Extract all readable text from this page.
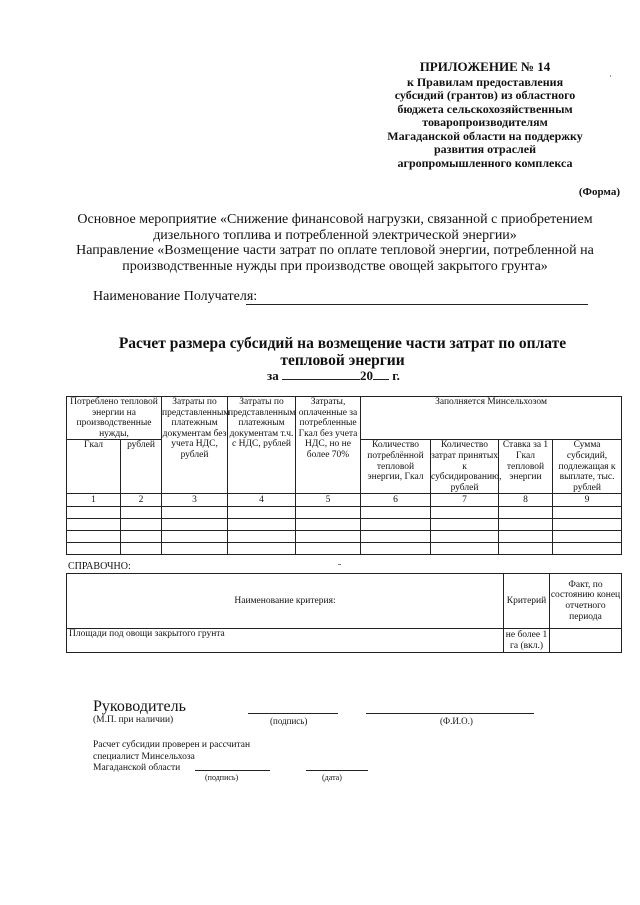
ПРИЛОЖЕНИЕ № 14
к Правилам предоставления
субсидий (грантов) из областного
бюджета сельскохозяйственным
товаропроизводителям
Магаданской области на поддержку
развития отраслей
агропромышленного комплекса
(Форма)
Основное мероприятие «Снижение финансовой нагрузки, связанной с приобретением
дизельного топлива и потребленной электрической энергии»
Направление «Возмещение части затрат по оплате тепловой энергии, потребленной на
производственные нужды при производстве овощей закрытого грунта»
Наименование Получателя:
Расчет размера субсидий на возмещение части затрат по оплате
тепловой энергии
за	20 г.
Потреблено тепловой энергии на производственные нужды,		Затраты по представленным платежным документам без учета НДС, рублей	Затраты по представленным платежным документам т.ч. с НДС, рублей	Затраты, оплаченные за потребленные Гкал без учета НДС, но не более 70%	Заполняется Минсельхозом			
Гкал	рублей				Количество потреблённой тепловой энергии, Гкал	Количество затрат принятых к субсидированию, рублей	Ставка за 1 Гкал тепловой энергии	Сумма субсидий, подлежащая к выплате, тыс. рублей
1	2	3	4	5	6	7	8	9

СПРАВОЧНО:
Наименование критерия:	Критерий	Факт, по состоянию конец отчетного периода
Площади под овощи закрытого грунта	не более 1 га (вкл.)	
Руководитель
(М.П. при наличии)	(подпись)	(Ф.И.О.)
Расчет субсидии проверен и рассчитан
специалист Минсельхоза
Магаданской области
(подпись)	(дата)
